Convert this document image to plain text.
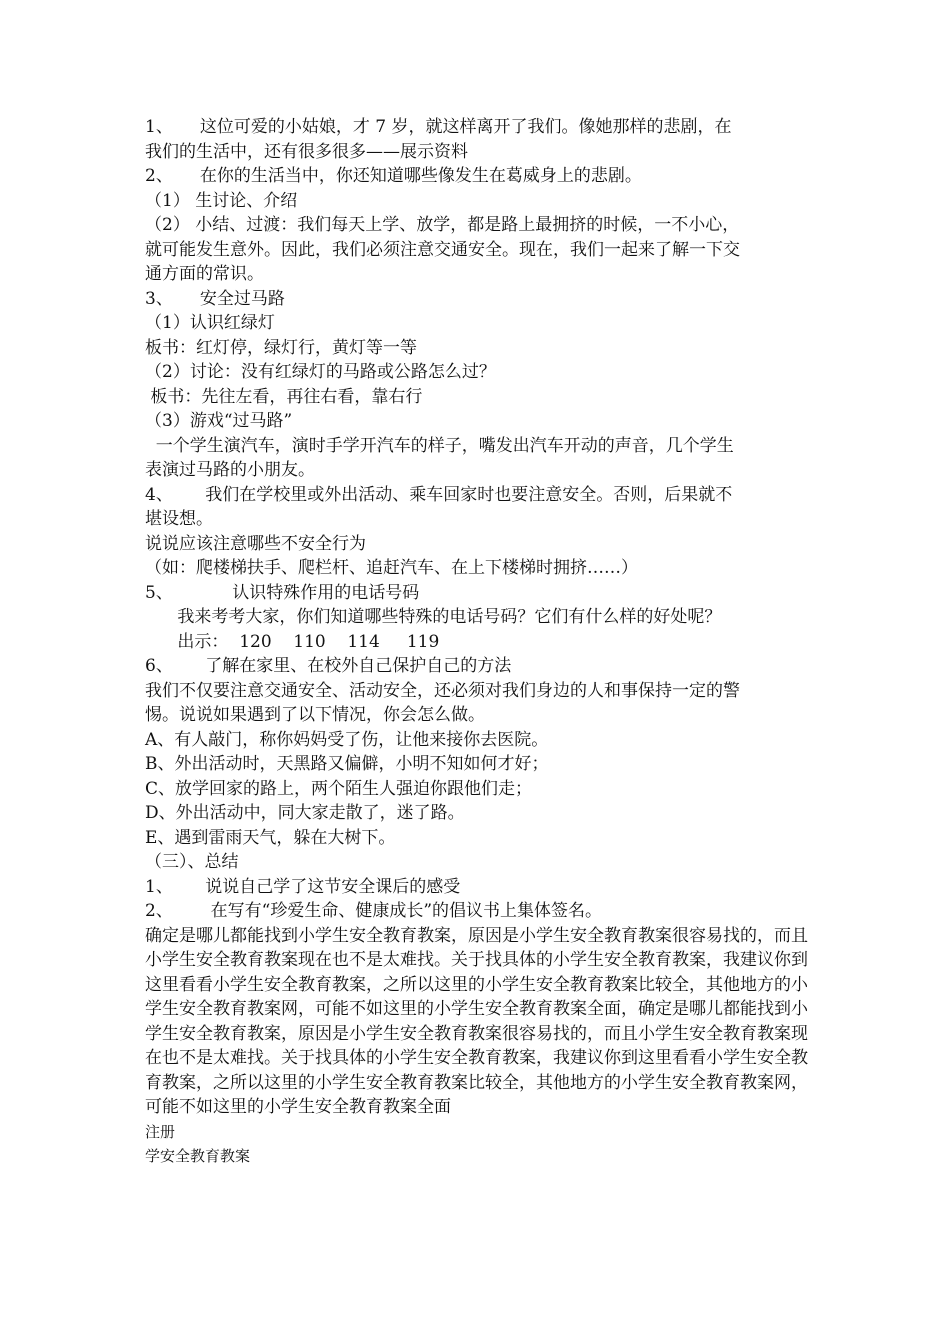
1、     这位可爱的小姑娘，才 7 岁，就这样离开了我们。像她那样的悲剧，在
我们的生活中，还有很多很多——展示资料
2、     在你的生活当中，你还知道哪些像发生在葛威身上的悲剧。
（1） 生讨论、介绍
（2） 小结、过渡：我们每天上学、放学，都是路上最拥挤的时候，一不小心，
就可能发生意外。因此，我们必须注意交通安全。现在，我们一起来了解一下交
通方面的常识。
3、     安全过马路
（1）认识红绿灯
板书：红灯停，绿灯行，黄灯等一等
（2）讨论：没有红绿灯的马路或公路怎么过？
板书：先往左看，再往右看，靠右行
（3）游戏“过马路”
一个学生演汽车，演时手学开汽车的样子，嘴发出汽车开动的声音，几个学生
表演过马路的小朋友。
4、      我们在学校里或外出活动、乘车回家时也要注意安全。否则，后果就不
堪设想。
说说应该注意哪些不安全行为
（如：爬楼梯扶手、爬栏杆、追赶汽车、在上下楼梯时拥挤……）
5、           认识特殊作用的电话号码
我来考考大家，你们知道哪些特殊的电话号码？它们有什么样的好处呢？
出示：  120    110    114     119
6、      了解在家里、在校外自己保护自己的方法
我们不仅要注意交通安全、活动安全，还必须对我们身边的人和事保持一定的警
惕。说说如果遇到了以下情况，你会怎么做。
A、有人敲门，称你妈妈受了伤，让他来接你去医院。
B、外出活动时，天黑路又偏僻，小明不知如何才好；
C、放学回家的路上，两个陌生人强迫你跟他们走；
D、外出活动中，同大家走散了，迷了路。
E、遇到雷雨天气，躲在大树下。
（三）、总结
1、      说说自己学了这节安全课后的感受
2、       在写有“珍爱生命、健康成长”的倡议书上集体签名。
确定是哪儿都能找到小学生安全教育教案，原因是小学生安全教育教案很容易找的，而且小学生安全教育教案现在也不是太难找。关于找具体的小学生安全教育教案，我建议你到这里看看小学生安全教育教案，之所以这里的小学生安全教育教案比较全，其他地方的小学生安全教育教案网，可能不如这里的小学生安全教育教案全面，确定是哪儿都能找到小学生安全教育教案，原因是小学生安全教育教案很容易找的，而且小学生安全教育教案现在也不是太难找。关于找具体的小学生安全教育教案，我建议你到这里看看小学生安全教育教案，之所以这里的小学生安全教育教案比较全，其他地方的小学生安全教育教案网，可能不如这里的小学生安全教育教案全面
注册
学安全教育教案
